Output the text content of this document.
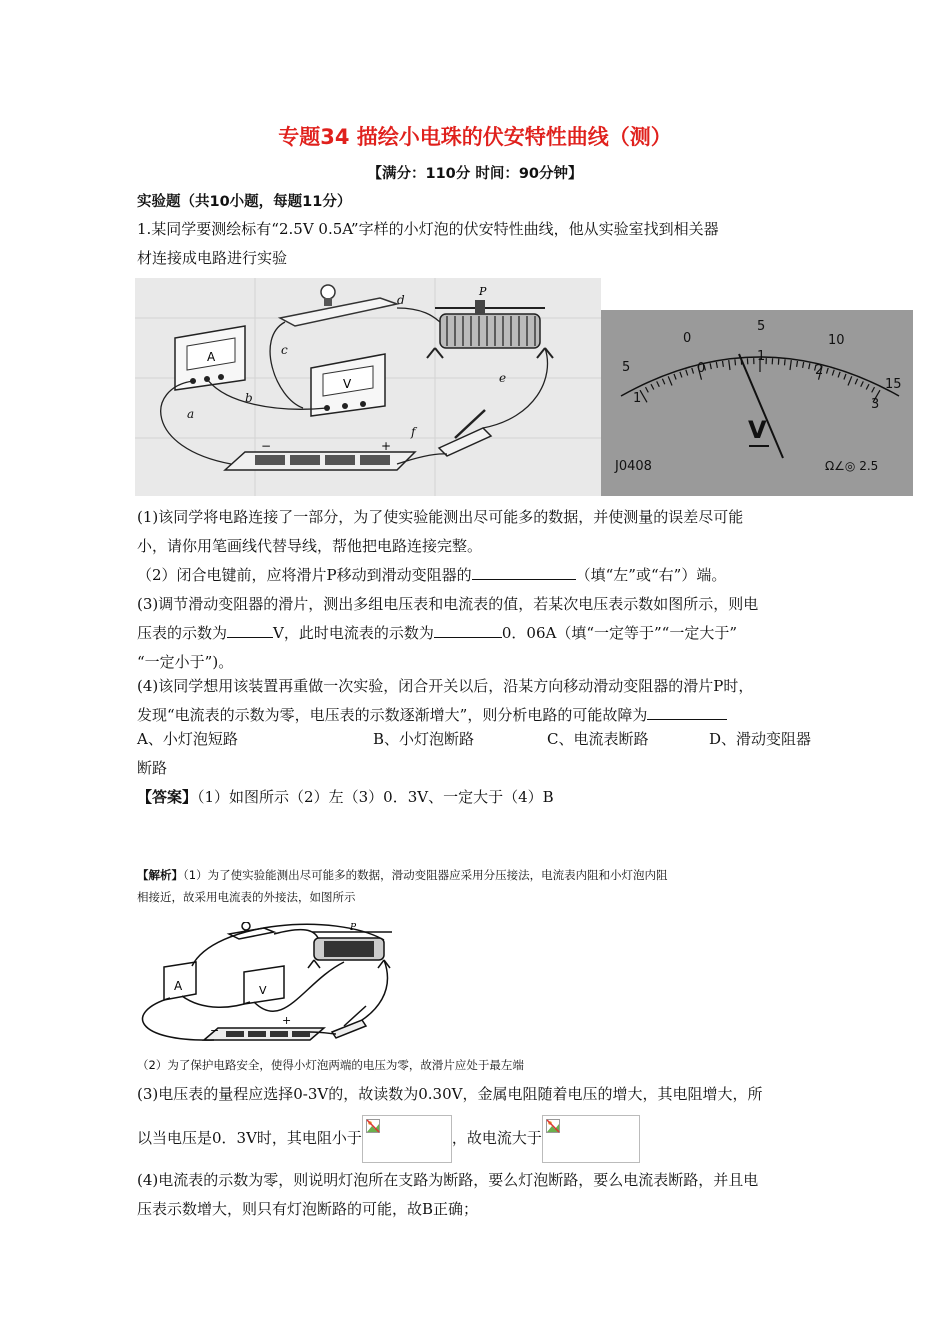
专题34 描绘小电珠的伏安特性曲线（测）
【满分：110分 时间：90分钟】
实验题（共10小题，每题11分）
1.某同学要测绘标有“2.5V 0.5A”字样的小灯泡的伏安特性曲线，他从实验室找到相关器
材连接成电路进行实验
P
A
V
−	+
a
b
c
d
e
f
5
0
5
10
15
1
0
1
2
3
V
J0408	Ω∠◎ 2.5
(1)该同学将电路连接了一部分，为了使实验能测出尽可能多的数据，并使测量的误差尽可能
小，请你用笔画线代替导线，帮他把电路连接完整。
（2）闭合电键前，应将滑片P移动到滑动变阻器的	（填“左”或“右”）端。
(3)调节滑动变阻器的滑片，测出多组电压表和电流表的值，若某次电压表示数如图所示，则电
压表的示数为	V，此时电流表的示数为	0．06A（填“一定等于”“一定大于”
“一定小于”)。
(4)该同学想用该装置再重做一次实验，闭合开关以后，沿某方向移动滑动变阻器的滑片P时，
发现“电流表的示数为零，电压表的示数逐渐增大”，则分析电路的可能故障为
A、小灯泡短路	B、小灯泡断路	C、电流表断路	D、滑动变阻器
断路
【答案】（1）如图所示（2）左（3）0．3V、一定大于（4）B
【解析】（1）为了使实验能测出尽可能多的数据，滑动变阻器应采用分压接法，电流表内阻和小灯泡内阻
相接近，故采用电流表的外接法，如图所示
A	V
−
+
P
（2）为了保护电路安全，使得小灯泡两端的电压为零，故滑片应处于最左端
(3)电压表的量程应选择0-3V的，故读数为0.30V，金属电阻随着电压的增大，其电阻增大，所
以当电压是0．3V时，其电阻小于	，故电流大于
(4)电流表的示数为零，则说明灯泡所在支路为断路，要么灯泡断路，要么电流表断路，并且电
压表示数增大，则只有灯泡断路的可能，故B正确；
